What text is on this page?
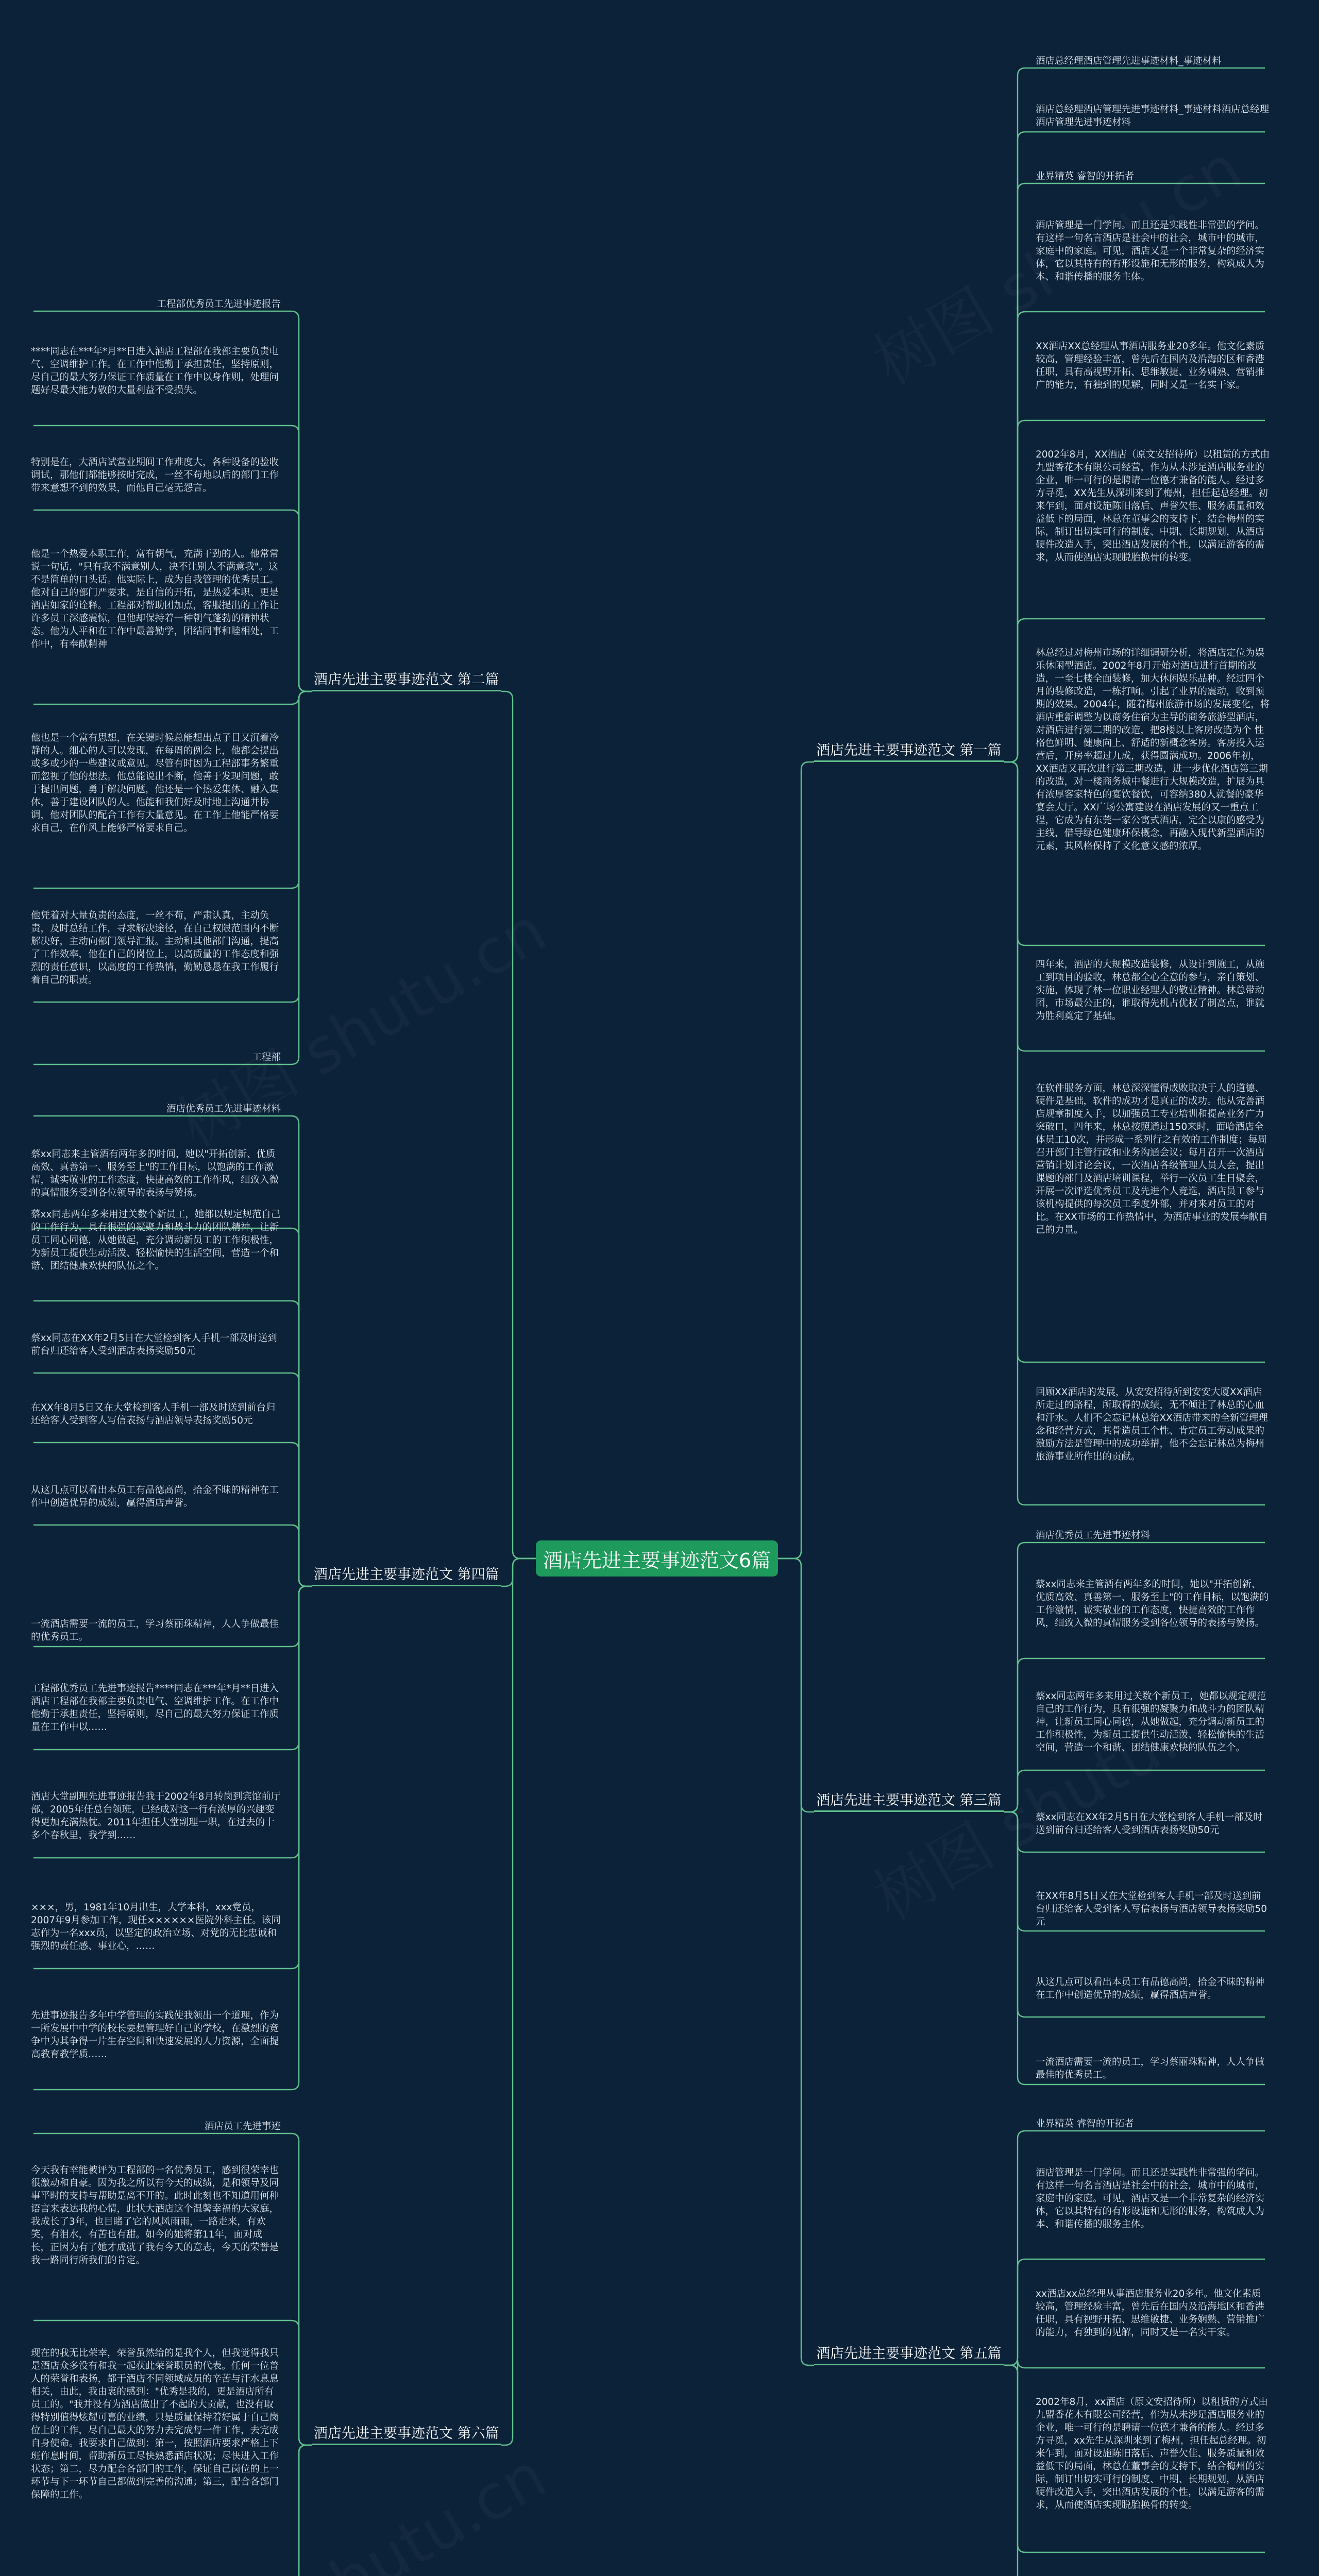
酒店先进主要事迹范文6篇
酒店先进主要事迹范文 第一篇
酒店先进主要事迹范文 第三篇
酒店先进主要事迹范文 第五篇
酒店先进主要事迹范文 第二篇
酒店先进主要事迹范文 第四篇
酒店先进主要事迹范文 第六篇
酒店总经理酒店管理先进事迹材料_事迹材料
酒店总经理酒店管理先进事迹材料_事迹材料酒店总经理酒店管理先进事迹材料
业界精英 睿智的开拓者
酒店管理是一门学问。而且还是实践性非常强的学问。有这样一句名言酒店是社会中的社会，城市中的城市，家庭中的家庭。可见，酒店又是一个非常复杂的经济实体，它以其特有的有形设施和无形的服务，构筑成人为本、和谐传播的服务主体。
XX酒店XX总经理从事酒店服务业20多年。他文化素质较高，管理经验丰富，曾先后在国内及沿海的区和香港任职，具有高视野开拓、思维敏捷、业务娴熟、营销推广的能力，有独到的见解，同时又是一名实干家。
2002年8月，XX酒店（原文安招待所）以租赁的方式由九盟香花木有限公司经营，作为从未涉足酒店服务业的企业，唯一可行的是聘请一位德才兼备的能人。经过多方寻觅，XX先生从深圳来到了梅州，担任起总经理。初来乍到，面对设施陈旧落后、声誉欠佳、服务质量和效益低下的局面，林总在董事会的支持下，结合梅州的实际，制订出切实可行的制度、中期、长期规划，从酒店硬件改造入手，突出酒店发展的个性，以满足游客的需求，从而使酒店实现脱胎换骨的转变。
林总经过对梅州市场的详细调研分析，将酒店定位为娱乐休闲型酒店。2002年8月开始对酒店进行首期的改造，一至七楼全面装修，加大休闲娱乐品种。经过四个月的装修改造，一栋打响。引起了业界的震动，收到预期的效果。2004年，随着梅州旅游市场的发展变化，将酒店重新调整为以商务住宿为主导的商务旅游型酒店，对酒店进行第二期的改造，把8楼以上客房改造为个 性格色鲜明、健康向上、舒适的新概念客房。客房投入运营后，开房率超过九成，获得圆满成功。2006年初，XX酒店又再次进行第三期改造，进一步优化酒店第三期的改造，对一楼商务城中餐进行大规模改造，扩展为具有浓厚客家特色的宴饮餐饮，可容纳380人就餐的豪华宴会大厅。XX广场公寓建设在酒店发展的又一重点工程，它成为有东莞一家公寓式酒店，完全以康的感受为主线，借导绿色健康环保概念，再融入现代新型酒店的元素，其风格保持了文化意义感的浓厚。
四年来，酒店的大规模改造装修，从设计到施工，从施工到项目的验收，林总都全心全意的参与，亲自策划、实施，体现了林一位职业经理人的敬业精神。林总带动团，市场最公正的，谁取得先机占优权了制高点，谁就为胜利奠定了基础。
在软件服务方面，林总深深懂得成败取决于人的道德、硬件是基础，软件的成功才是真正的成功。他从完善酒店规章制度入手，以加强员工专业培训和提高业务广力突破口，四年来，林总按照通过150来时，面哈酒店全体员工10次，并形成一系列行之有效的工作制度；每周召开部门主管行政和业务沟通会议；每月召开一次酒店营销计划讨论会议，一次酒店各级管理人员大会，提出课题的部门及酒店培训课程，举行一次员工生日聚会，开展一次评选优秀员工及先进个人竞选，酒店员工参与该机构提供的每次员工季度外部，并对来对员工的对比。在XX市场的工作热情中，为酒店事业的发展奉献自己的力量。
回顾XX酒店的发展，从安安招待所到安安大厦XX酒店所走过的路程，所取得的成绩，无不倾注了林总的心血和汗水。人们不会忘记林总给XX酒店带来的全新管理理念和经营方式，其骨造员工个性、肯定员工劳动成果的激励方法是管理中的成功举措，他不会忘记林总为梅州旅游事业所作出的贡献。
酒店优秀员工先进事迹材料
蔡xx同志来主管酒有两年多的时间，她以"开拓创新、优质高效、真善第一、服务至上"的工作目标，以饱满的工作激情，诚实敬业的工作态度，快捷高效的工作作风，细致入微的真情服务受到各位领导的表扬与赞扬。
蔡xx同志两年多来用过关数个新员工，她都以规定规范自己的工作行为，具有很强的凝聚力和战斗力的团队精神，让新员工同心同德，从她做起，充分调动新员工的工作积极性，为新员工提供生动活泼、轻松愉快的生活空间，营造一个和谐、团结健康欢快的队伍之个。
蔡xx同志在XX年2月5日在大堂检到客人手机一部及时送到前台归还给客人受到酒店表扬奖励50元
在XX年8月5日又在大堂检到客人手机一部及时送到前台归还给客人受到客人写信表扬与酒店领导表扬奖励50元
从这几点可以看出本员工有品德高尚，拾金不昧的精神在工作中创造优异的成绩，赢得酒店声誉。
一流酒店需要一流的员工，学习蔡丽珠精神，人人争做最佳的优秀员工。
业界精英 睿智的开拓者
酒店管理是一门学问。而且还是实践性非常强的学问。有这样一句名言酒店是社会中的社会，城市中的城市，家庭中的家庭。可见，酒店又是一个非常复杂的经济实体，它以其特有的有形设施和无形的服务，构筑成人为本、和谐传播的服务主体。
xx酒店xx总经理从事酒店服务业20多年。他文化素质较高，管理经验丰富，曾先后在国内及沿海地区和香港任职，具有视野开拓、思维敏捷、业务娴熟、营销推广的能力，有独到的见解，同时又是一名实干家。
2002年8月，xx酒店（原文安招待所）以租赁的方式由九盟香花木有限公司经营，作为从未涉足酒店服务业的企业，唯一可行的是聘请一位德才兼备的能人。经过多方寻觅，xx先生从深圳来到了梅州，担任起总经理。初来乍到，面对设施陈旧落后、声誉欠佳、服务质量和效益低下的局面，林总在董事会的支持下，结合梅州的实际，制订出切实可行的制度、中期、长期规划，从酒店硬件改造入手，突出酒店发展的个性，以满足游客的需求，从而使酒店实现脱胎换骨的转变。
工程部优秀员工先进事迹报告
****同志在***年*月**日进入酒店工程部在我部主要负责电气、空调维护工作。在工作中他勤于承担责任，坚持原则，尽自己的最大努力保证工作质量在工作中以身作则，处理问题好尽最大能力敬的大量利益不受损失。
特别是在，大酒店试营业期间工作难度大，各种设备的验收调试，那他们都能够按时完成，一丝不苟地以后的部门工作带来意想不到的效果，而他自己毫无怨言。
他是一个热爱本职工作，富有朝气，充满干劲的人。他常常说一句话，"只有我不满意别人，决不让别人不满意我"。这不是简单的口头话。他实际上，成为自我管理的优秀员工。他对自己的部门严要求，是自信的开拓，是热爱本职、更是酒店如家的诠释。工程部对帮助团加点，客服提出的工作让许多员工深感震惊，但他却保持着一种朝气蓬勃的精神状态。他为人平和在工作中最善勤学，团结同事和睦相处，工作中，有奉献精神
他也是一个富有思想，在关键时候总能想出点子目又沉着冷静的人。细心的人可以发现，在每周的例会上，他都会提出或多或少的一些建议或意见。尽管有时因为工程部事务繁重而忽视了他的想法。他总能说出不断，他善于发现问题，敢于提出问题，勇于解决问题，他还是一个热爱集体、融入集体，善于建设团队的人。他能和我们好及时地上沟通并协调，他对团队的配合工作有大量意见。在工作上他能严格要求自己，在作风上能够严格要求自己。
他凭着对大量负责的态度，一丝不苟，严肃认真，主动负责，及时总结工作，寻求解决途径，在自己权限范围内不断解决好，主动向部门领导汇报。主动和其他部门沟通，提高了工作效率，他在自己的岗位上，以高质量的工作态度和强烈的责任意识，以高度的工作热情，勤勤恳恳在我工作履行着自己的职责。
工程部
酒店优秀员工先进事迹材料
蔡xx同志来主管酒有两年多的时间，她以"开拓创新、优质高效、真善第一、服务至上"的工作目标，以饱满的工作激情，诚实敬业的工作态度，快捷高效的工作作风，细致入微的真情服务受到各位领导的表扬与赞扬。
蔡xx同志两年多来用过关数个新员工，她都以规定规范自己的工作行为，具有很强的凝聚力和战斗力的团队精神，让新员工同心同德，从她做起，充分调动新员工的工作积极性，为新员工提供生动活泼、轻松愉快的生活空间，营造一个和谐、团结健康欢快的队伍之个。
蔡xx同志在XX年2月5日在大堂检到客人手机一部及时送到前台归还给客人受到酒店表扬奖励50元
在XX年8月5日又在大堂检到客人手机一部及时送到前台归还给客人受到客人写信表扬与酒店领导表扬奖励50元
从这几点可以看出本员工有品德高尚，拾金不昧的精神在工作中创造优异的成绩，赢得酒店声誉。
一流酒店需要一流的员工，学习蔡丽珠精神，人人争做最佳的优秀员工。
工程部优秀员工先进事迹报告****同志在***年*月**日进入酒店工程部在我部主要负责电气、空调维护工作。在工作中他勤于承担责任，坚持原则，尽自己的最大努力保证工作质量在工作中以……
酒店大堂副理先进事迹报告我于2002年8月转岗到宾馆前厅部，2005年任总台领班，已经成对这一行有浓厚的兴趣变得更加充满热忱。2011年担任大堂副理一职，在过去的十多个春秋里，我学到……
×××，男，1981年10月出生，大学本科，xxx党员，2007年9月参加工作，现任××××××医院外科主任。该同志作为一名xxx员，以坚定的政治立场、对党的无比忠诚和强烈的责任感、事业心，……
先进事迹报告多年中学管理的实践使我领出一个道理，作为一所发展中中学的校长要想管理好自己的学校，在激烈的竞争中为其争得一片生存空间和快速发展的人力资源，全面提高教育教学质……
酒店员工先进事迹
今天我有幸能被评为工程部的一名优秀员工，感到很荣幸也很激动和自豪。因为我之所以有今天的成绩，是和领导及同事平时的支持与帮助是离不开的。此时此刻也不知道用何种语言来表达我的心情，此状大酒店这个温馨幸福的大家庭，我成长了3年，也目睹了它的风风雨雨，一路走来，有欢笑，有泪水，有苦也有甜。如今的她将第11年，面对成长，正因为有了她才成就了我有今天的意志，今天的荣誉是我一路同行所我们的肯定。
现在的我无比荣幸，荣誉虽然给的是我个人，但我觉得我只是酒店众多没有和我一起获此荣誉职员的代表。任何一位普人的荣誉和表扬，都于酒店不同领域成员的辛苦与汗水息息相关，由此，我由衷的感到："优秀是我的，更是酒店所有员工的。"我并没有为酒店做出了不起的大贡献，也没有取得特别值得炫耀可喜的业绩，只是质量保持着好属于自己岗位上的工作，尽自己最大的努力去完成每一件工作，去完成自身使命。我要求自己做到：第一，按照酒店要求严格上下班作息时间，帮助新员工尽快熟悉酒店状况；尽快进入工作状态；第二，尽力配合各部门的工作，保证自己岗位的上一环节与下一环节自己都做到完善的沟通；第三，配合各部门保障的工作。
